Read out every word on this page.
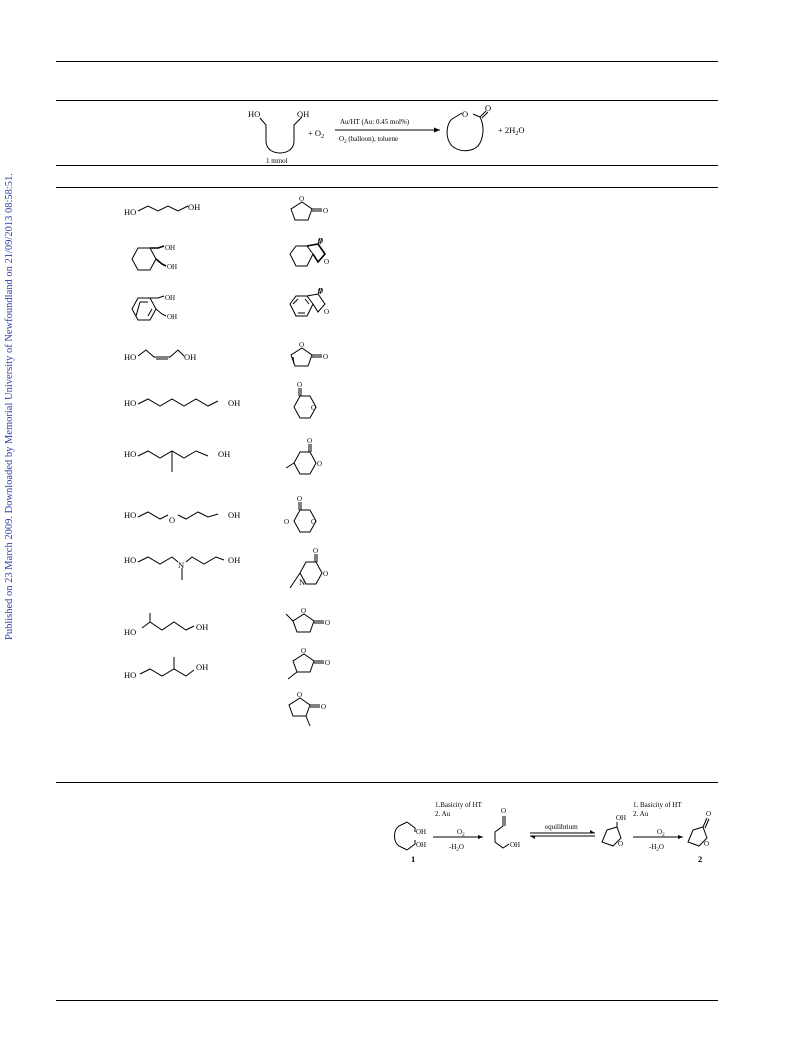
Published on 23 March 2009. Downloaded by Memorial University of Newfoundland on 21/09/2013 08:58:51.
HO	OH
1 mmol
+ $O_2$
Au/HT (Au: 0.45 mol%)
$O_2$ (balloon), toluene
O
O
+ $2H_2O$
HO	OH
O
O
OH
OH
O
O
OH
OH
O
O
HO	OH
O
O
HO	OH
O
O
HO	OH
O
O
HO	O	OH
O
O
O
HO	N	OH
O
O
N
HO	OH
O
O
HO
OH
O
O
O
O
OH
OH
1
1.Basicity of HT
2. Au
$O_2$
$-H_2O$
O
OH
equilibrium
OH
O
1. Basicity of HT
2. Au
$O_2$
$-H_2O$
O
O
2
